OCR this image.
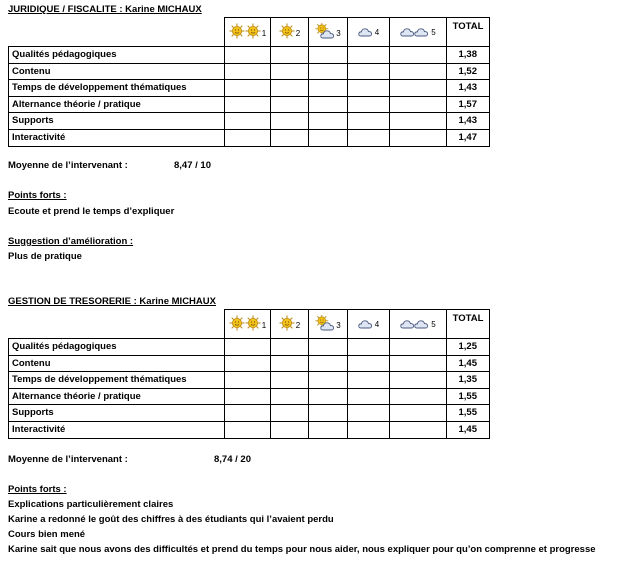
JURIDIQUE / FISCALITE : Karine MICHAUX

	$_1$	$_2$	$_3$	$_4$	$_5$	TOTAL
Qualités pédagogiques						1,38
Contenu						1,52
Temps de développement thématiques						1,43
Alternance théorie / pratique						1,57
Supports						1,43
Interactivité						1,47
Moyenne de l’intervenant :	8,47 / 10
Points forts :
Ecoute et prend le temps d’expliquer
Suggestion d’amélioration :
Plus de pratique
GESTION DE TRESORERIE : Karine MICHAUX

	$_1$	$_2$	$_3$	$_4$	$_5$	TOTAL
Qualités pédagogiques						1,25
Contenu						1,45
Temps de développement thématiques						1,35
Alternance théorie / pratique						1,55
Supports						1,55
Interactivité						1,45
Moyenne de l’intervenant :	8,74 / 20
Points forts :
Explications particulièrement claires
Karine a redonné le goût des chiffres à des étudiants qui l’avaient perdu
Cours bien mené
Karine sait que nous avons des difficultés et prend du temps pour nous aider, nous expliquer pour qu’on comprenne et progresse
